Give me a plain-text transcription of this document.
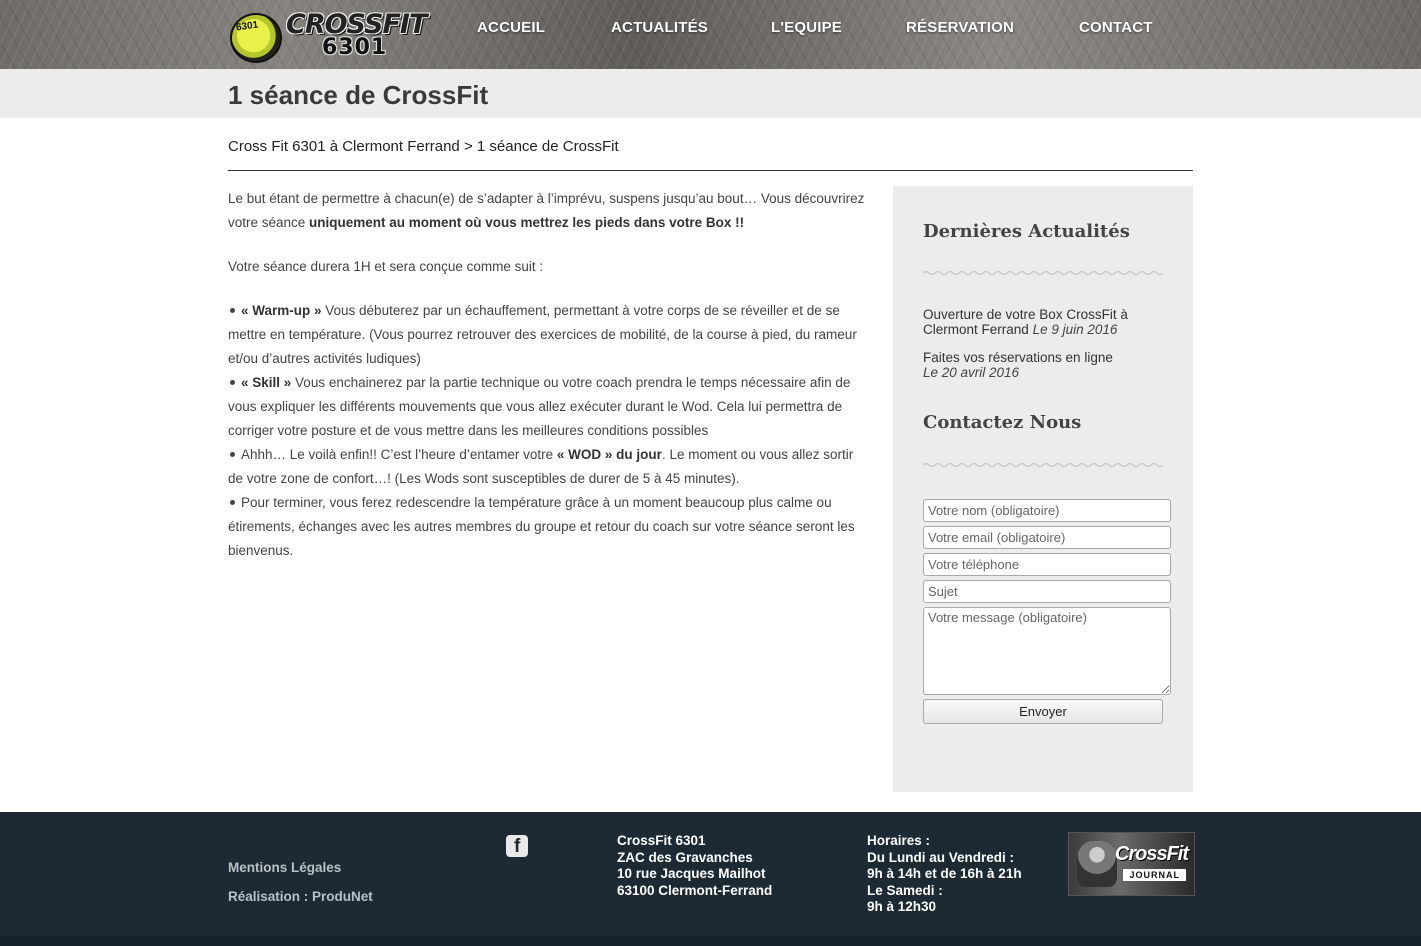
6301 CROSSFIT
6301
ACCUEIL	ACTUALITÉS	L'EQUIPE	RÉSERVATION	CONTACT
1 séance de CrossFit
Cross Fit 6301 à Clermont Ferrand > 1 séance de CrossFit

Le but étant de permettre à chacun(e) de s’adapter à l’imprévu, suspens jusqu’au bout… Vous découvrirez votre séance uniquement au moment où vous mettrez les pieds dans votre Box !!

Votre séance durera 1H et sera conçue comme suit :

« Warm-up » Vous débuterez par un échauffement, permettant à votre corps de se réveiller et de se mettre en température. (Vous pourrez retrouver des exercices de mobilité, de la course à pied, du rameur et/ou d’autres activités ludiques)
« Skill » Vous enchainerez par la partie technique ou votre coach prendra le temps nécessaire afin de vous expliquer les différents mouvements que vous allez exécuter durant le Wod. Cela lui permettra de corriger votre posture et de vous mettre dans les meilleures conditions possibles
Ahhh… Le voilà enfin!! C’est l’heure d’entamer votre « WOD » du jour. Le moment ou vous allez sortir de votre zone de confort…! (Les Wods sont susceptibles de durer de 5 à 45 minutes).
Pour terminer, vous ferez redescendre la température grâce à un moment beaucoup plus calme ou étirements, échanges avec les autres membres du groupe et retour du coach sur votre séance seront les bienvenus.
Dernières Actualités
Ouverture de votre Box CrossFit à Clermont Ferrand Le 9 juin 2016
Faites vos réservations en ligne
Le 20 avril 2016
Contactez Nous
Votre nom (obligatoire)
Votre email (obligatoire)
Votre téléphone
Sujet
Votre message (obligatoire)
Envoyer
Mentions Légales
Réalisation : ProduNet
f	CrossFit 6301
ZAC des Gravanches
10 rue Jacques Mailhot
63100 Clermont-Ferrand
Horaires :
Du Lundi au Vendredi :
9h à 14h et de 16h à 21h
Le Samedi :
9h à 12h30
CrossFit
JOURNAL
